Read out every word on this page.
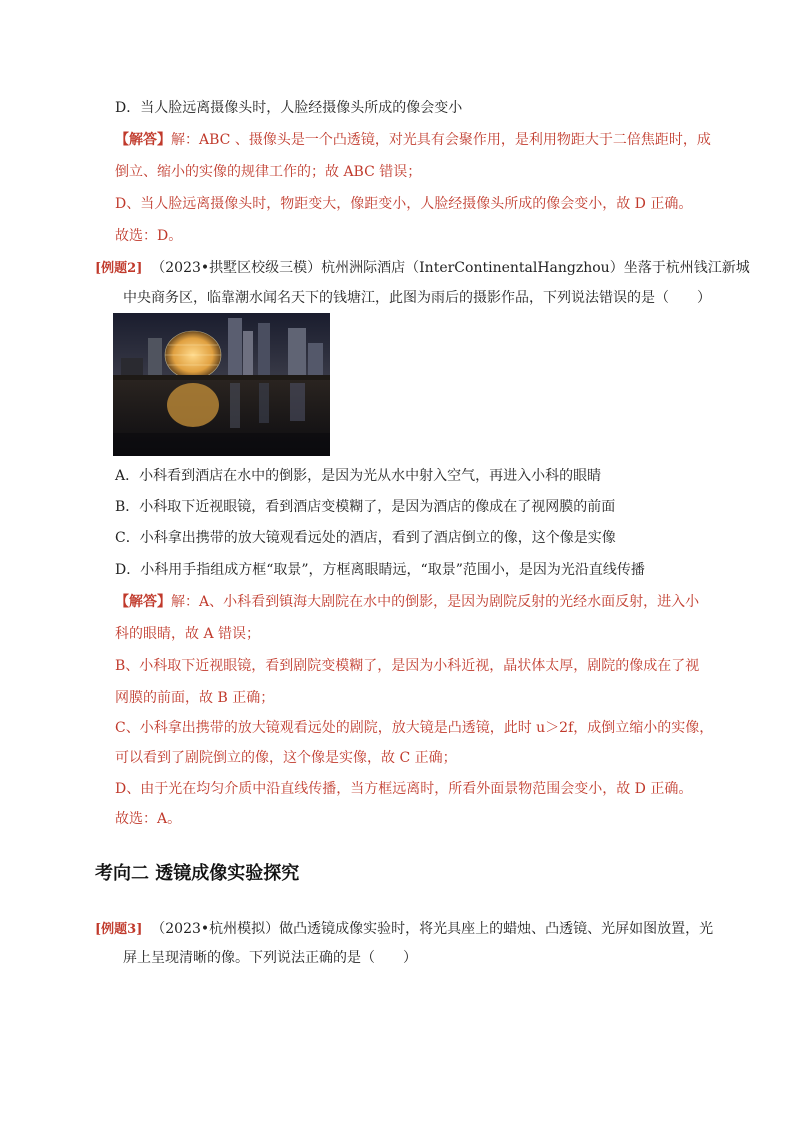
D．当人脸远离摄像头时，人脸经摄像头所成的像会变小
【解答】解：ABC 、摄像头是一个凸透镜，对光具有会聚作用，是利用物距大于二倍焦距时，成
倒立、缩小的实像的规律工作的；故 ABC 错误；
D、当人脸远离摄像头时，物距变大，像距变小，人脸经摄像头所成的像会变小，故 D 正确。
故选：D。
[例题2] （2023•拱墅区校级三模）杭州洲际酒店（InterContinentalHangzhou）坐落于杭州钱江新城
中央商务区，临靠潮水闻名天下的钱塘江，此图为雨后的摄影作品，下列说法错误的是（　　）
A．小科看到酒店在水中的倒影，是因为光从水中射入空气，再进入小科的眼睛
B．小科取下近视眼镜，看到酒店变模糊了，是因为酒店的像成在了视网膜的前面
C．小科拿出携带的放大镜观看远处的酒店，看到了酒店倒立的像，这个像是实像
D．小科用手指组成方框“取景”，方框离眼睛远，“取景”范围小，是因为光沿直线传播
【解答】解：A、小科看到镇海大剧院在水中的倒影，是因为剧院反射的光经水面反射，进入小
科的眼睛，故 A 错误；
B、小科取下近视眼镜，看到剧院变模糊了，是因为小科近视，晶状体太厚，剧院的像成在了视
网膜的前面，故 B 正确；
C、小科拿出携带的放大镜观看远处的剧院，放大镜是凸透镜，此时 u＞2f，成倒立缩小的实像，
可以看到了剧院倒立的像，这个像是实像，故 C 正确；
D、由于光在均匀介质中沿直线传播，当方框远离时，所看外面景物范围会变小，故 D 正确。
故选：A。
考向二 透镜成像实验探究
[例题3] （2023•杭州模拟）做凸透镜成像实验时，将光具座上的蜡烛、凸透镜、光屏如图放置，光
屏上呈现清晰的像。下列说法正确的是（　　）
